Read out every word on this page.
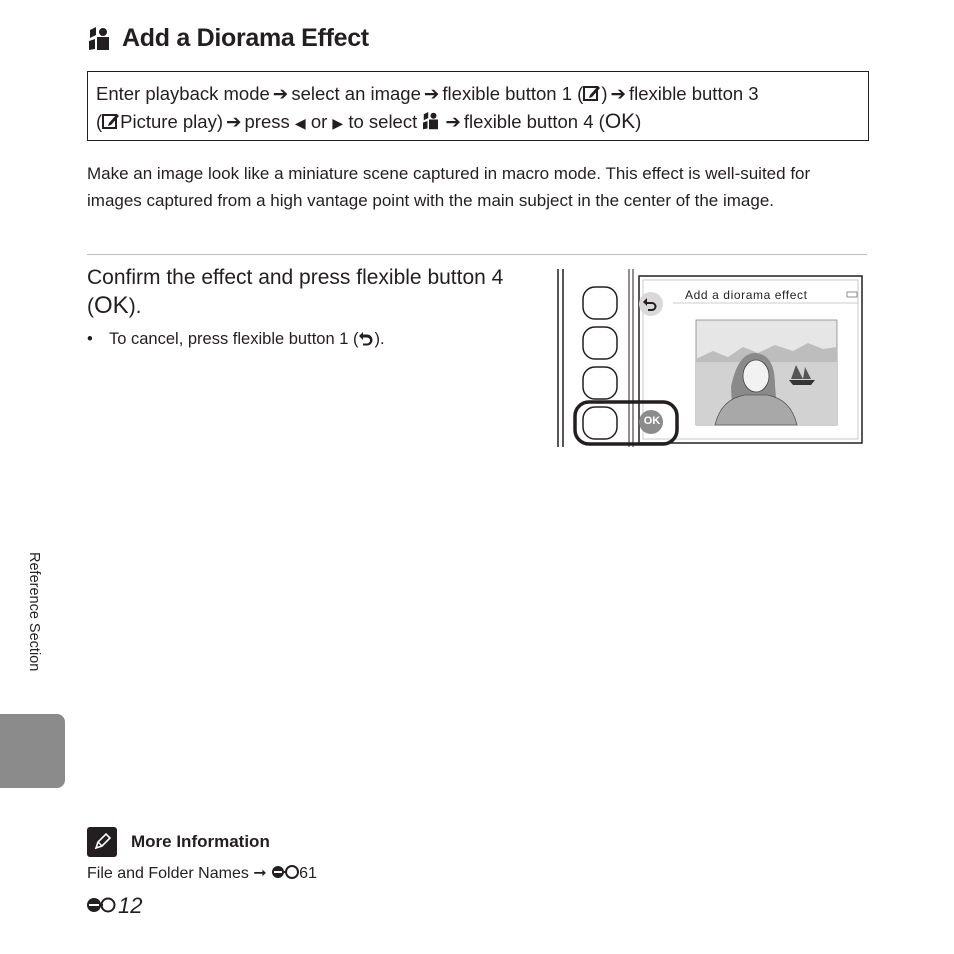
Add a Diorama Effect
Enter playback mode ➔ select an image ➔ flexible button 1 ( ) ➔ flexible button 3
( Picture play) ➔ press ◀ or ▶ to select ➔ flexible button 4 (OK)
Make an image look like a miniature scene captured in macro mode. This effect is well-suited for images captured from a high vantage point with the main subject in the center of the image.
Confirm the effect and press flexible button 4 (OK).
• To cancel, press flexible button 1 ( ).
Add a diorama effect
OK
Reference Section
More Information
File and Folder Names ➞ 61
12
